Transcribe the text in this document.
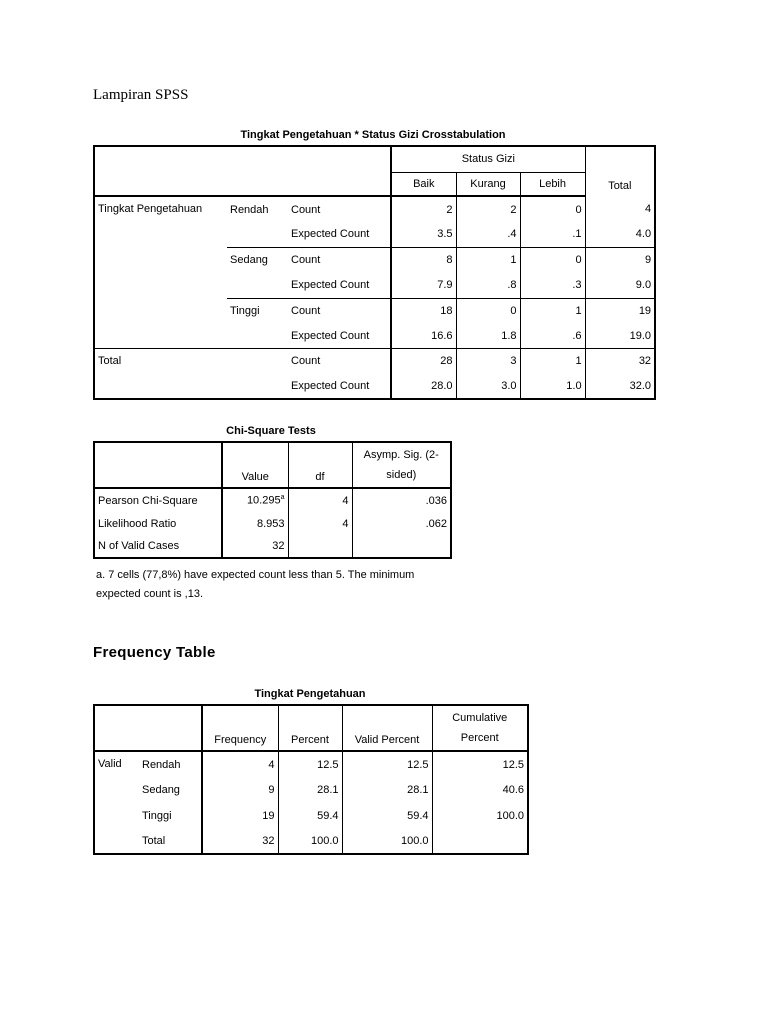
Lampiran SPSS
Tingkat Pengetahuan * Status Gizi Crosstabulation
			Status Gizi			Total
			Baik	Kurang	Lebih	
Tingkat Pengetahuan	Rendah	Count	2	2	0	4
		Expected Count	3.5	.4	.1	4.0
	Sedang	Count	8	1	0	9
		Expected Count	7.9	.8	.3	9.0
	Tinggi	Count	18	0	1	19
		Expected Count	16.6	1.8	.6	19.0
Total		Count	28	3	1	32
		Expected Count	28.0	3.0	1.0	32.0
Chi-Square Tests
	Value	df	Asymp. Sig. (2-
sided)
Pearson Chi-Square	10.295$^a$	4	.036
Likelihood Ratio	8.953	4	.062
N of Valid Cases	32		
a. 7 cells (77,8%) have expected count less than 5. The minimum
expected count is ,13.
Frequency Table
Tingkat Pengetahuan
		Frequency	Percent	Valid Percent	Cumulative
Percent
Valid	Rendah	4	12.5	12.5	12.5
	Sedang	9	28.1	28.1	40.6
	Tinggi	19	59.4	59.4	100.0
	Total	32	100.0	100.0	
